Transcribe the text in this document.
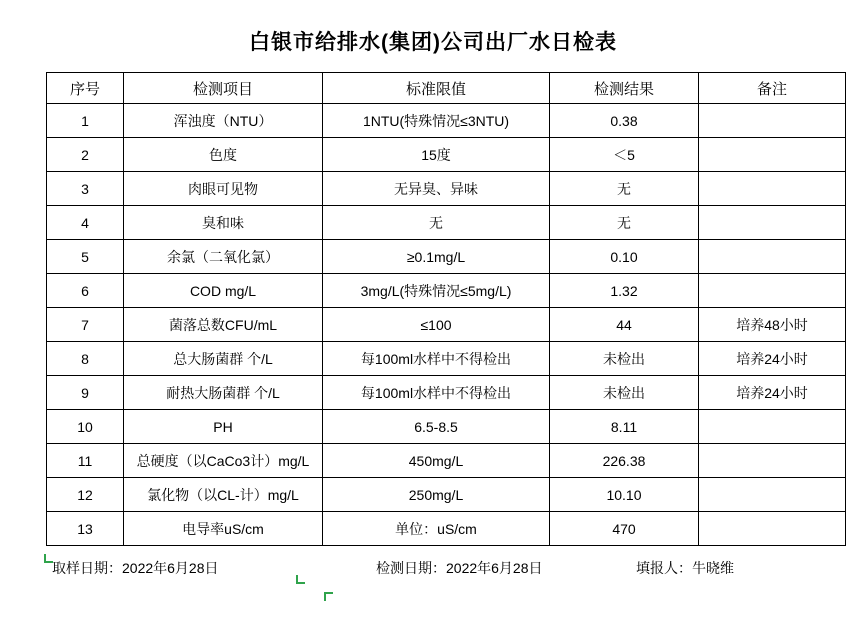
白银市给排水(集团)公司出厂水日检表
序号	检测项目	标准限值	检测结果	备注
1	浑浊度（NTU）	1NTU(特殊情况≤3NTU)	0.38	
2	色度	15度	＜5	
3	肉眼可见物	无异臭、异味	无	
4	臭和味	无	无	
5	余氯（二氧化氯）	≥0.1mg/L	0.10	
6	COD mg/L	3mg/L(特殊情况≤5mg/L)	1.32	
7	菌落总数CFU/mL	≤100	44	培养48小时
8	总大肠菌群 个/L	每100ml水样中不得检出	未检出	培养24小时
9	耐热大肠菌群 个/L	每100ml水样中不得检出	未检出	培养24小时
10	PH	6.5-8.5	8.11	
11	总硬度（以CaCo3计）mg/L	450mg/L	226.38	
12	氯化物（以CL-计）mg/L	250mg/L	10.10	
13	电导率uS/cm	单位：uS/cm	470	
取样日期：2022年6月28日	检测日期：2022年6月28日	填报人：牛晓维
